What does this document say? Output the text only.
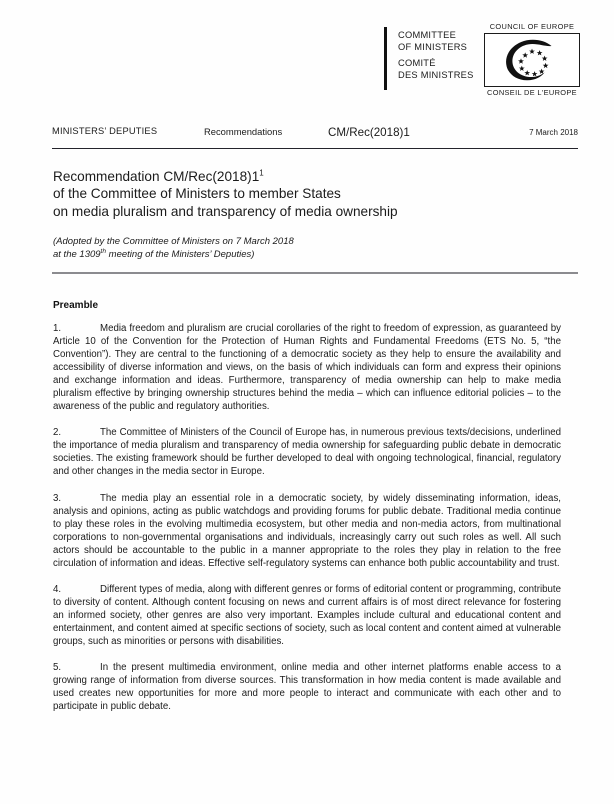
COMMITTEE
OF MINISTERS
COMITÉ
DES MINISTRES
COUNCIL OF EUROPE
CONSEIL DE L'EUROPE
MINISTERS’ DEPUTIES	Recommendations	CM/Rec(2018)1	7 March 2018
Recommendation $CM/Rec(2018)1^1$
of the Committee of Ministers to member States
on media pluralism and transparency of media ownership
(Adopted by the Committee of Ministers on 7 March 2018
at the 1309th meeting of the Ministers’ Deputies)
Preamble

1.	Media freedom and pluralism are crucial corollaries of the right to freedom of expression, as guaranteed by Article 10 of the Convention for the Protection of Human Rights and Fundamental Freedoms (ETS No. 5, “the Convention”). They are central to the functioning of a democratic society as they help to ensure the availability and accessibility of diverse information and views, on the basis of which individuals can form and express their opinions and exchange information and ideas. Furthermore, transparency of media ownership can help to make media pluralism effective by bringing ownership structures behind the media – which can influence editorial policies – to the awareness of the public and regulatory authorities.

2.	The Committee of Ministers of the Council of Europe has, in numerous previous texts/decisions, underlined the importance of media pluralism and transparency of media ownership for safeguarding public debate in democratic societies. The existing framework should be further developed to deal with ongoing technological, financial, regulatory and other changes in the media sector in Europe.

3.	The media play an essential role in a democratic society, by widely disseminating information, ideas, analysis and opinions, acting as public watchdogs and providing forums for public debate. Traditional media continue to play these roles in the evolving multimedia ecosystem, but other media and non-media actors, from multinational corporations to non-governmental organisations and individuals, increasingly carry out such roles as well. All such actors should be accountable to the public in a manner appropriate to the roles they play in relation to the free circulation of information and ideas. Effective self-regulatory systems can enhance both public accountability and trust.

4.	Different types of media, along with different genres or forms of editorial content or programming, contribute to diversity of content. Although content focusing on news and current affairs is of most direct relevance for fostering an informed society, other genres are also very important. Examples include cultural and educational content and entertainment, and content aimed at specific sections of society, such as local content and content aimed at vulnerable groups, such as minorities or persons with disabilities.

5.	In the present multimedia environment, online media and other internet platforms enable access to a growing range of information from diverse sources. This transformation in how media content is made available and used creates new opportunities for more and more people to interact and communicate with each other and to participate in public debate.
